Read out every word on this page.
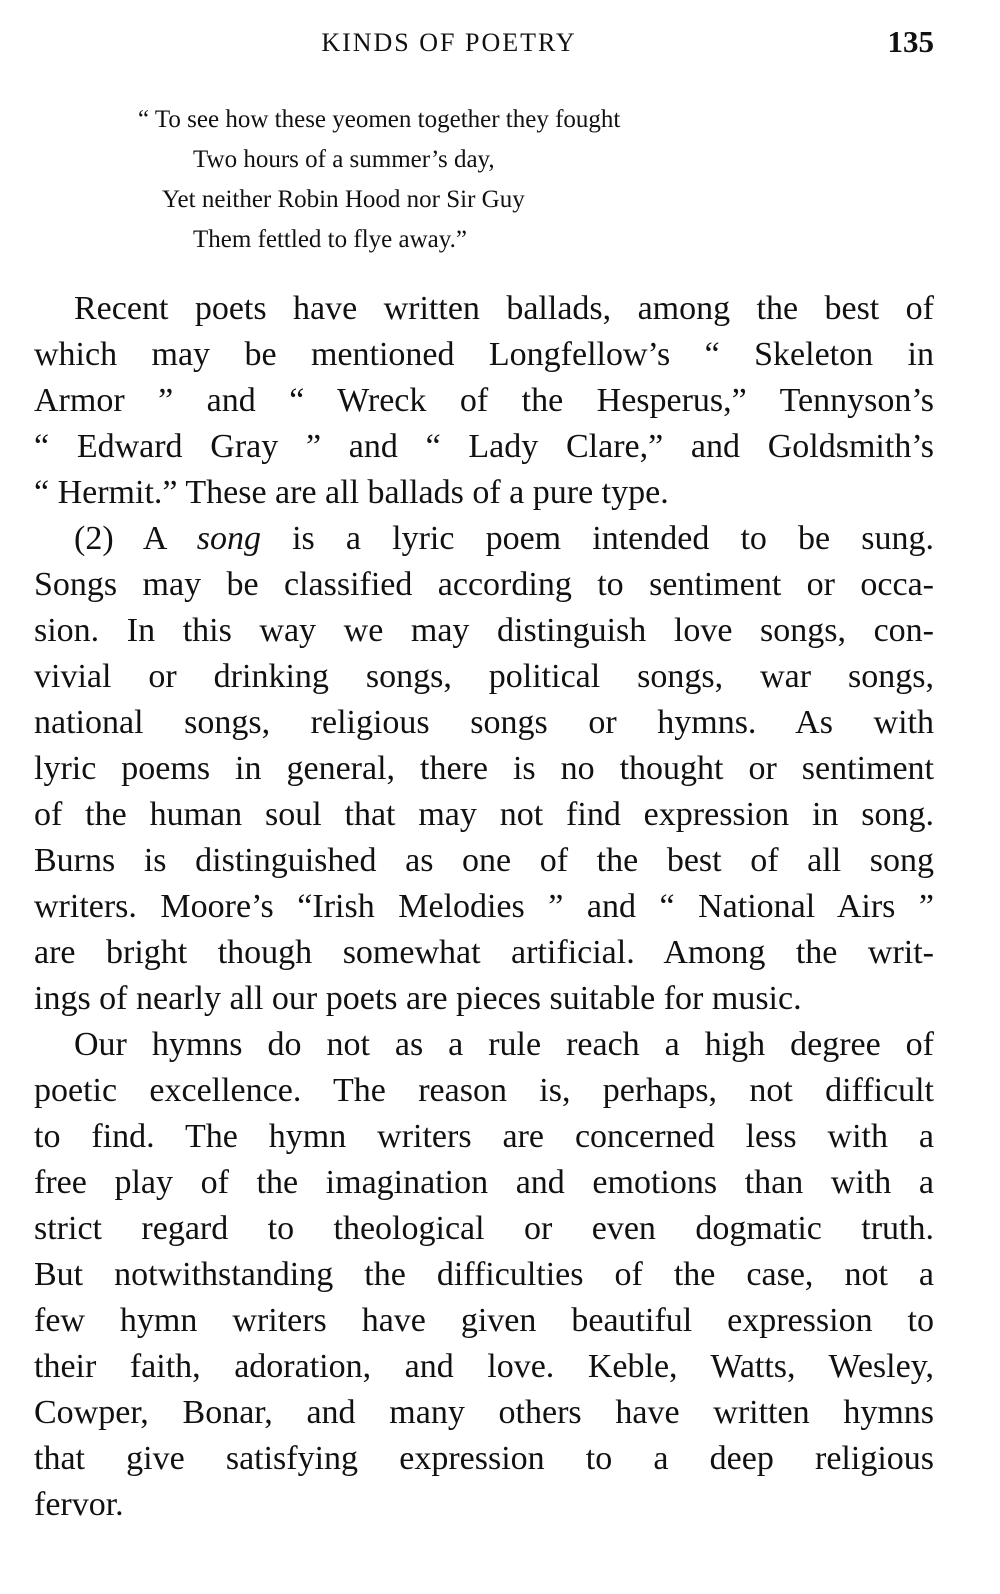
KINDS OF POETRY	135
“ To see how these yeomen together they fought
Two hours of a summer’s day,
Yet neither Robin Hood nor Sir Guy
Them fettled to flye away.”
Recent poets have written ballads, among the best of
which may be mentioned Longfellow’s “ Skeleton in
Armor ” and “ Wreck of the Hesperus,” Tennyson’s
“ Edward Gray ” and “ Lady Clare,” and Goldsmith’s
“ Hermit.” These are all ballads of a pure type.
(2) A song is a lyric poem intended to be sung.
Songs may be classified according to sentiment or occa-
sion. In this way we may distinguish love songs, con-
vivial or drinking songs, political songs, war songs,
national songs, religious songs or hymns. As with
lyric poems in general, there is no thought or sentiment
of the human soul that may not find expression in song.
Burns is distinguished as one of the best of all song
writers. Moore’s “Irish Melodies ” and “ National Airs ”
are bright though somewhat artificial. Among the writ-
ings of nearly all our poets are pieces suitable for music.
Our hymns do not as a rule reach a high degree of
poetic excellence. The reason is, perhaps, not difficult
to find. The hymn writers are concerned less with a
free play of the imagination and emotions than with a
strict regard to theological or even dogmatic truth.
But notwithstanding the difficulties of the case, not a
few hymn writers have given beautiful expression to
their faith, adoration, and love. Keble, Watts, Wesley,
Cowper, Bonar, and many others have written hymns
that give satisfying expression to a deep religious
fervor.
